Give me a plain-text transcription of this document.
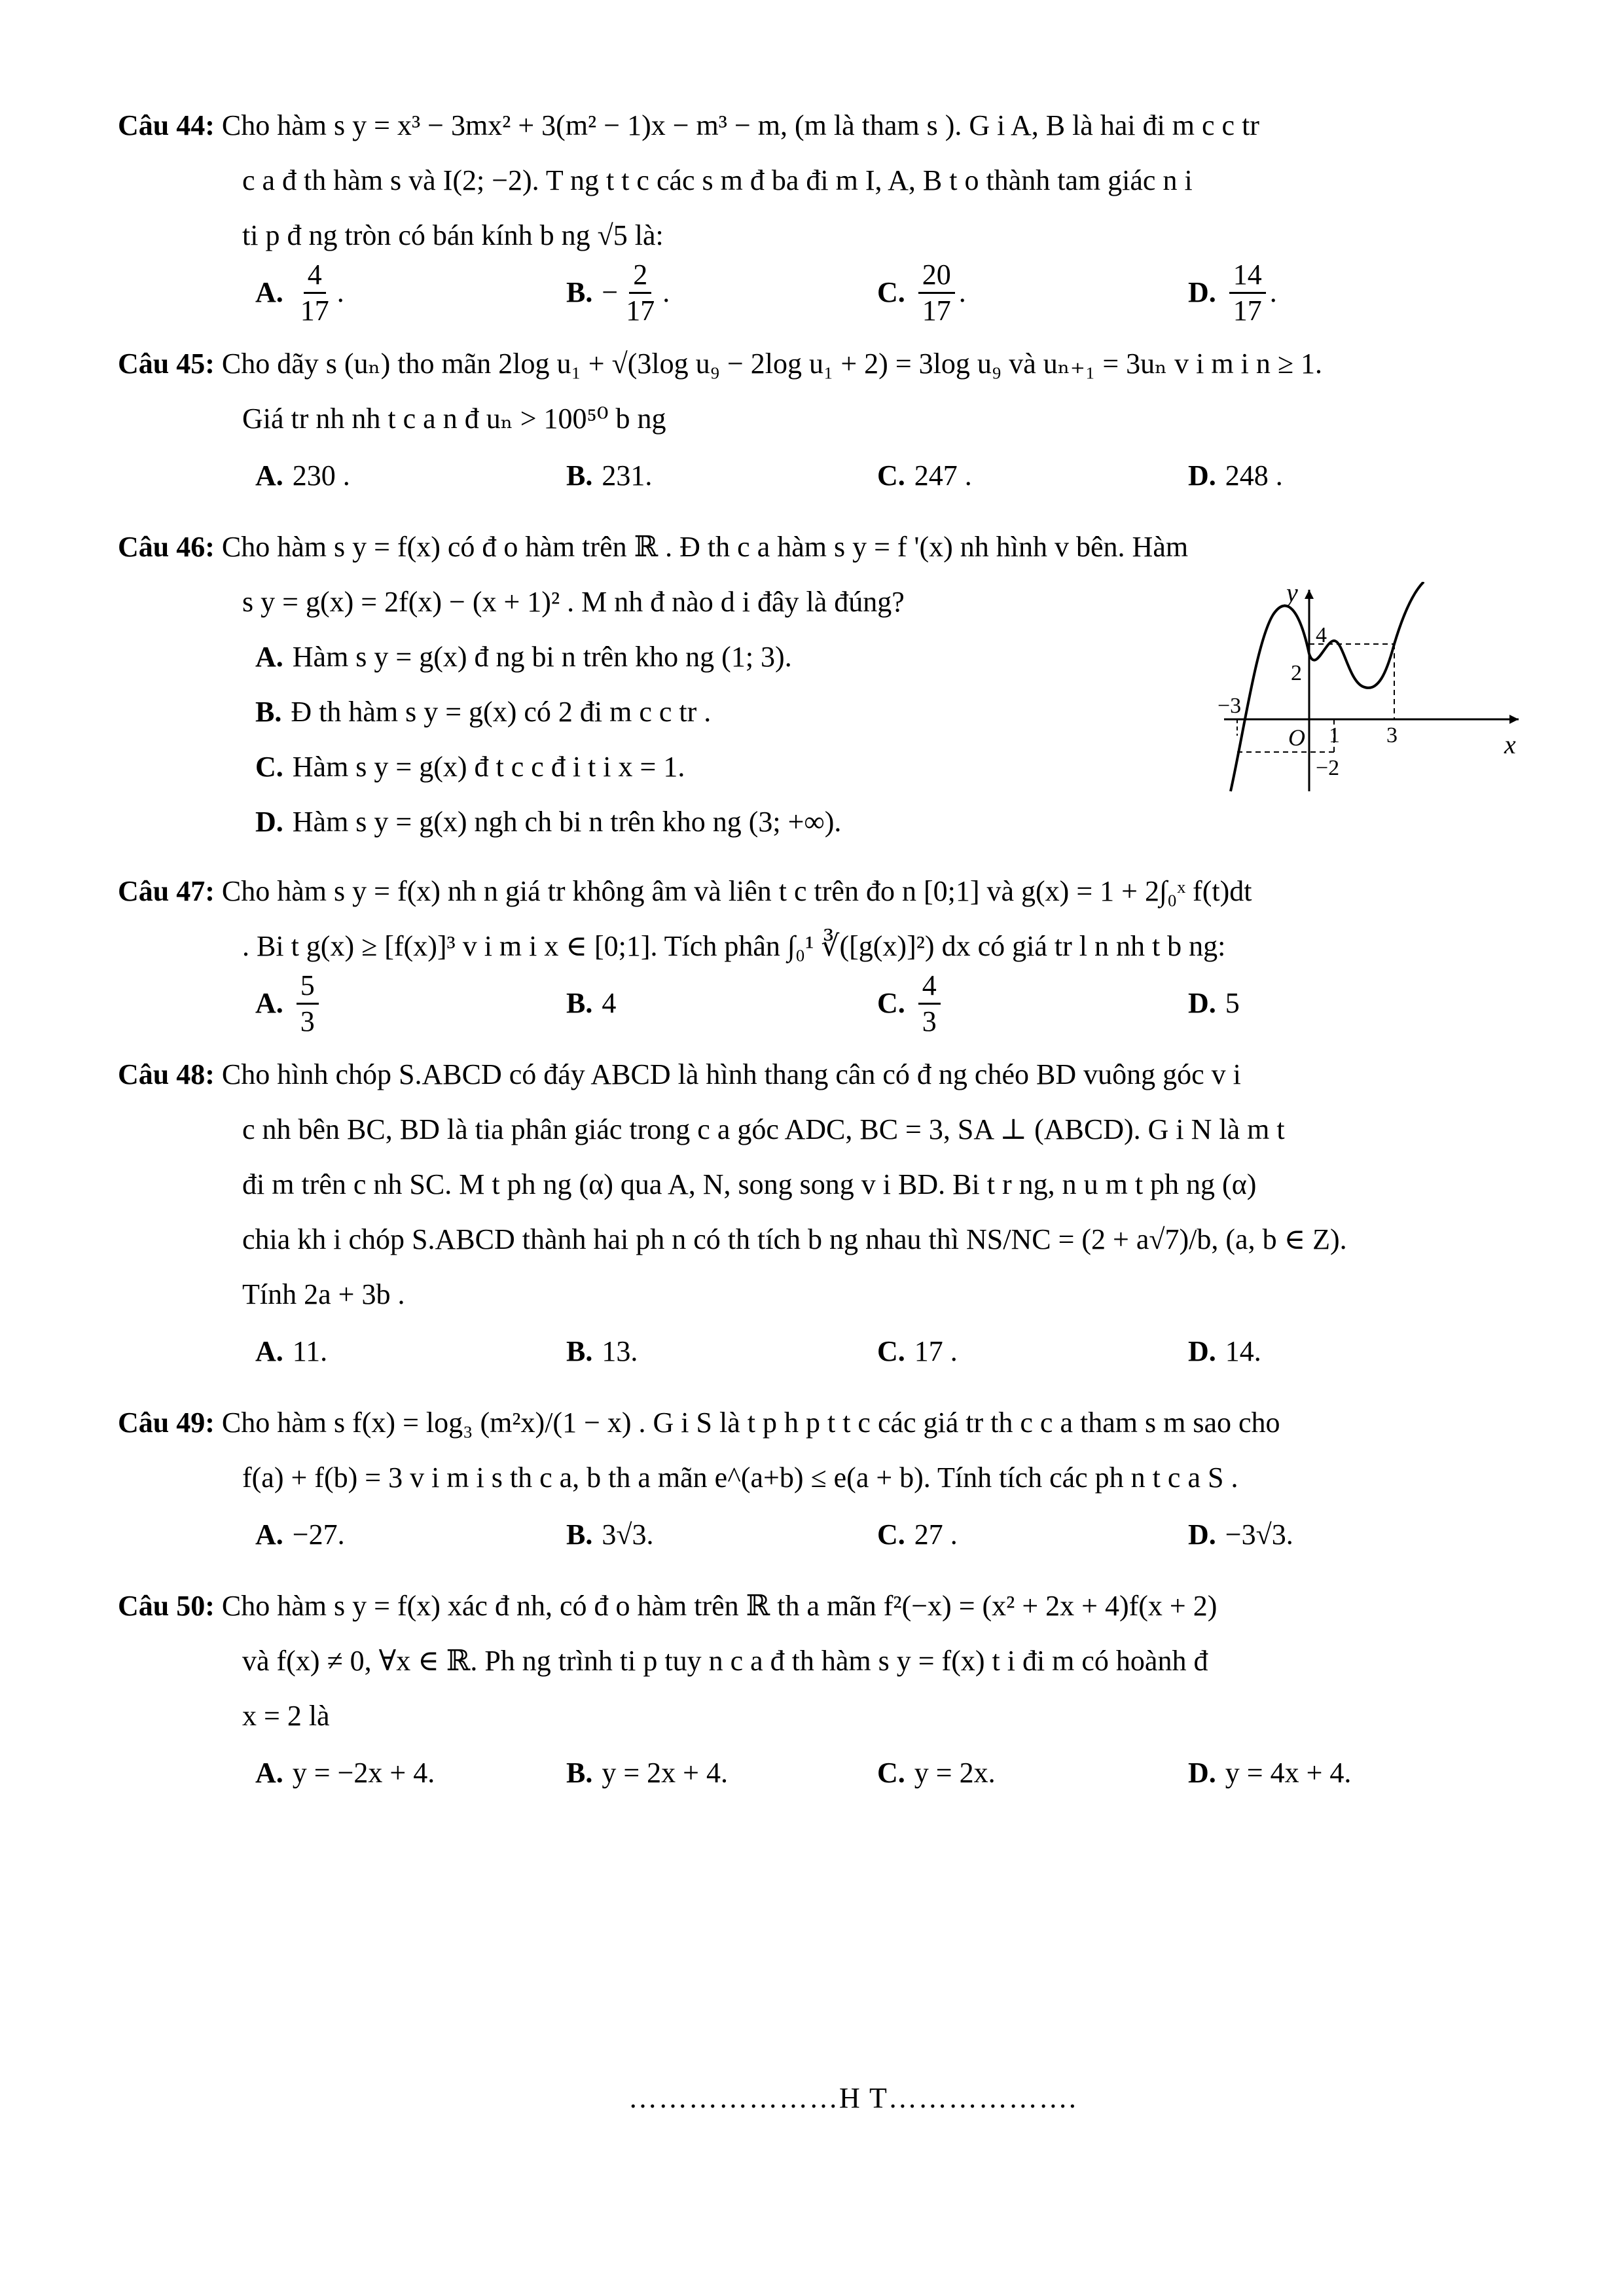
Câu 44: Cho hàm s y = x³ − 3mx² + 3(m² − 1)x − m³ − m, (m là tham s ). G i A, B là hai đi m c c tr
c a đ th hàm s và I(2; −2). T ng t t c các s m đ ba đi m I, A, B t o thành tam giác n i
ti p đ ng tròn có bán kính b ng √5 là:
A. $\frac{4}{17}$ .	B. − $\frac{2}{17}$ .	C. $\frac{20}{17}$ .	D. $\frac{14}{17}$ .
Câu 45: Cho dãy s (uₙ) tho mãn 2log u₁ + √(3log u₉ − 2log u₁ + 2) = 3log u₉ và uₙ₊₁ = 3uₙ v i m i n ≥ 1.
Giá tr nh nh t c a n đ uₙ > 100⁵⁰ b ng
A. 230 .	B. 231.	C. 247 .	D. 248 .
Câu 46: Cho hàm s y = f(x) có đ o hàm trên ℝ . Đ th c a hàm s y = f '(x) nh hình v bên. Hàm
s y = g(x) = 2f(x) − (x + 1)² . M nh đ nào d i đây là đúng?
A. Hàm s y = g(x) đ ng bi n trên kho ng (1; 3).
B. Đ th hàm s y = g(x) có 2 đi m c c tr .
C. Hàm s y = g(x) đ t c c đ i t i x = 1.
D. Hàm s y = g(x) ngh ch bi n trên kho ng (3; +∞).
y
x
O
4
2
−3
1 3
−2
Câu 47: Cho hàm s y = f(x) nh n giá tr không âm và liên t c trên đo n [0;1] và g(x) = 1 + 2∫₀ˣ f(t)dt
. Bi t g(x) ≥ [f(x)]³ v i m i x ∈ [0;1]. Tích phân ∫₀¹ ∛([g(x)]²) dx có giá tr l n nh t b ng:
A. $\frac{5}{3}$	B. 4	C. $\frac{4}{3}$	D. 5
Câu 48: Cho hình chóp S.ABCD có đáy ABCD là hình thang cân có đ ng chéo BD vuông góc v i
c nh bên BC, BD là tia phân giác trong c a góc ADC, BC = 3, SA ⊥ (ABCD). G i N là m t
đi m trên c nh SC. M t ph ng (α) qua A, N, song song v i BD. Bi t r ng, n u m t ph ng (α)
chia kh i chóp S.ABCD thành hai ph n có th tích b ng nhau thì NS/NC = (2 + a√7)/b, (a, b ∈ Z).
Tính 2a + 3b .
A. 11.	B. 13.	C. 17 .	D. 14.
Câu 49: Cho hàm s f(x) = log₃ (m²x)/(1 − x) . G i S là t p h p t t c các giá tr th c c a tham s m sao cho
f(a) + f(b) = 3 v i m i s th c a, b th a mãn e^(a+b) ≤ e(a + b). Tính tích các ph n t c a S .
A. −27.	B. 3√3.	C. 27 .	D. −3√3.
Câu 50: Cho hàm s y = f(x) xác đ nh, có đ o hàm trên ℝ th a mãn f²(−x) = (x² + 2x + 4)f(x + 2)
và f(x) ≠ 0, ∀x ∈ ℝ. Ph ng trình ti p tuy n c a đ th hàm s y = f(x) t i đi m có hoành đ
x = 2 là
A. y = −2x + 4.	B. y = 2x + 4.	C. y = 2x.	D. y = 4x + 4.
…………………H T……………….
